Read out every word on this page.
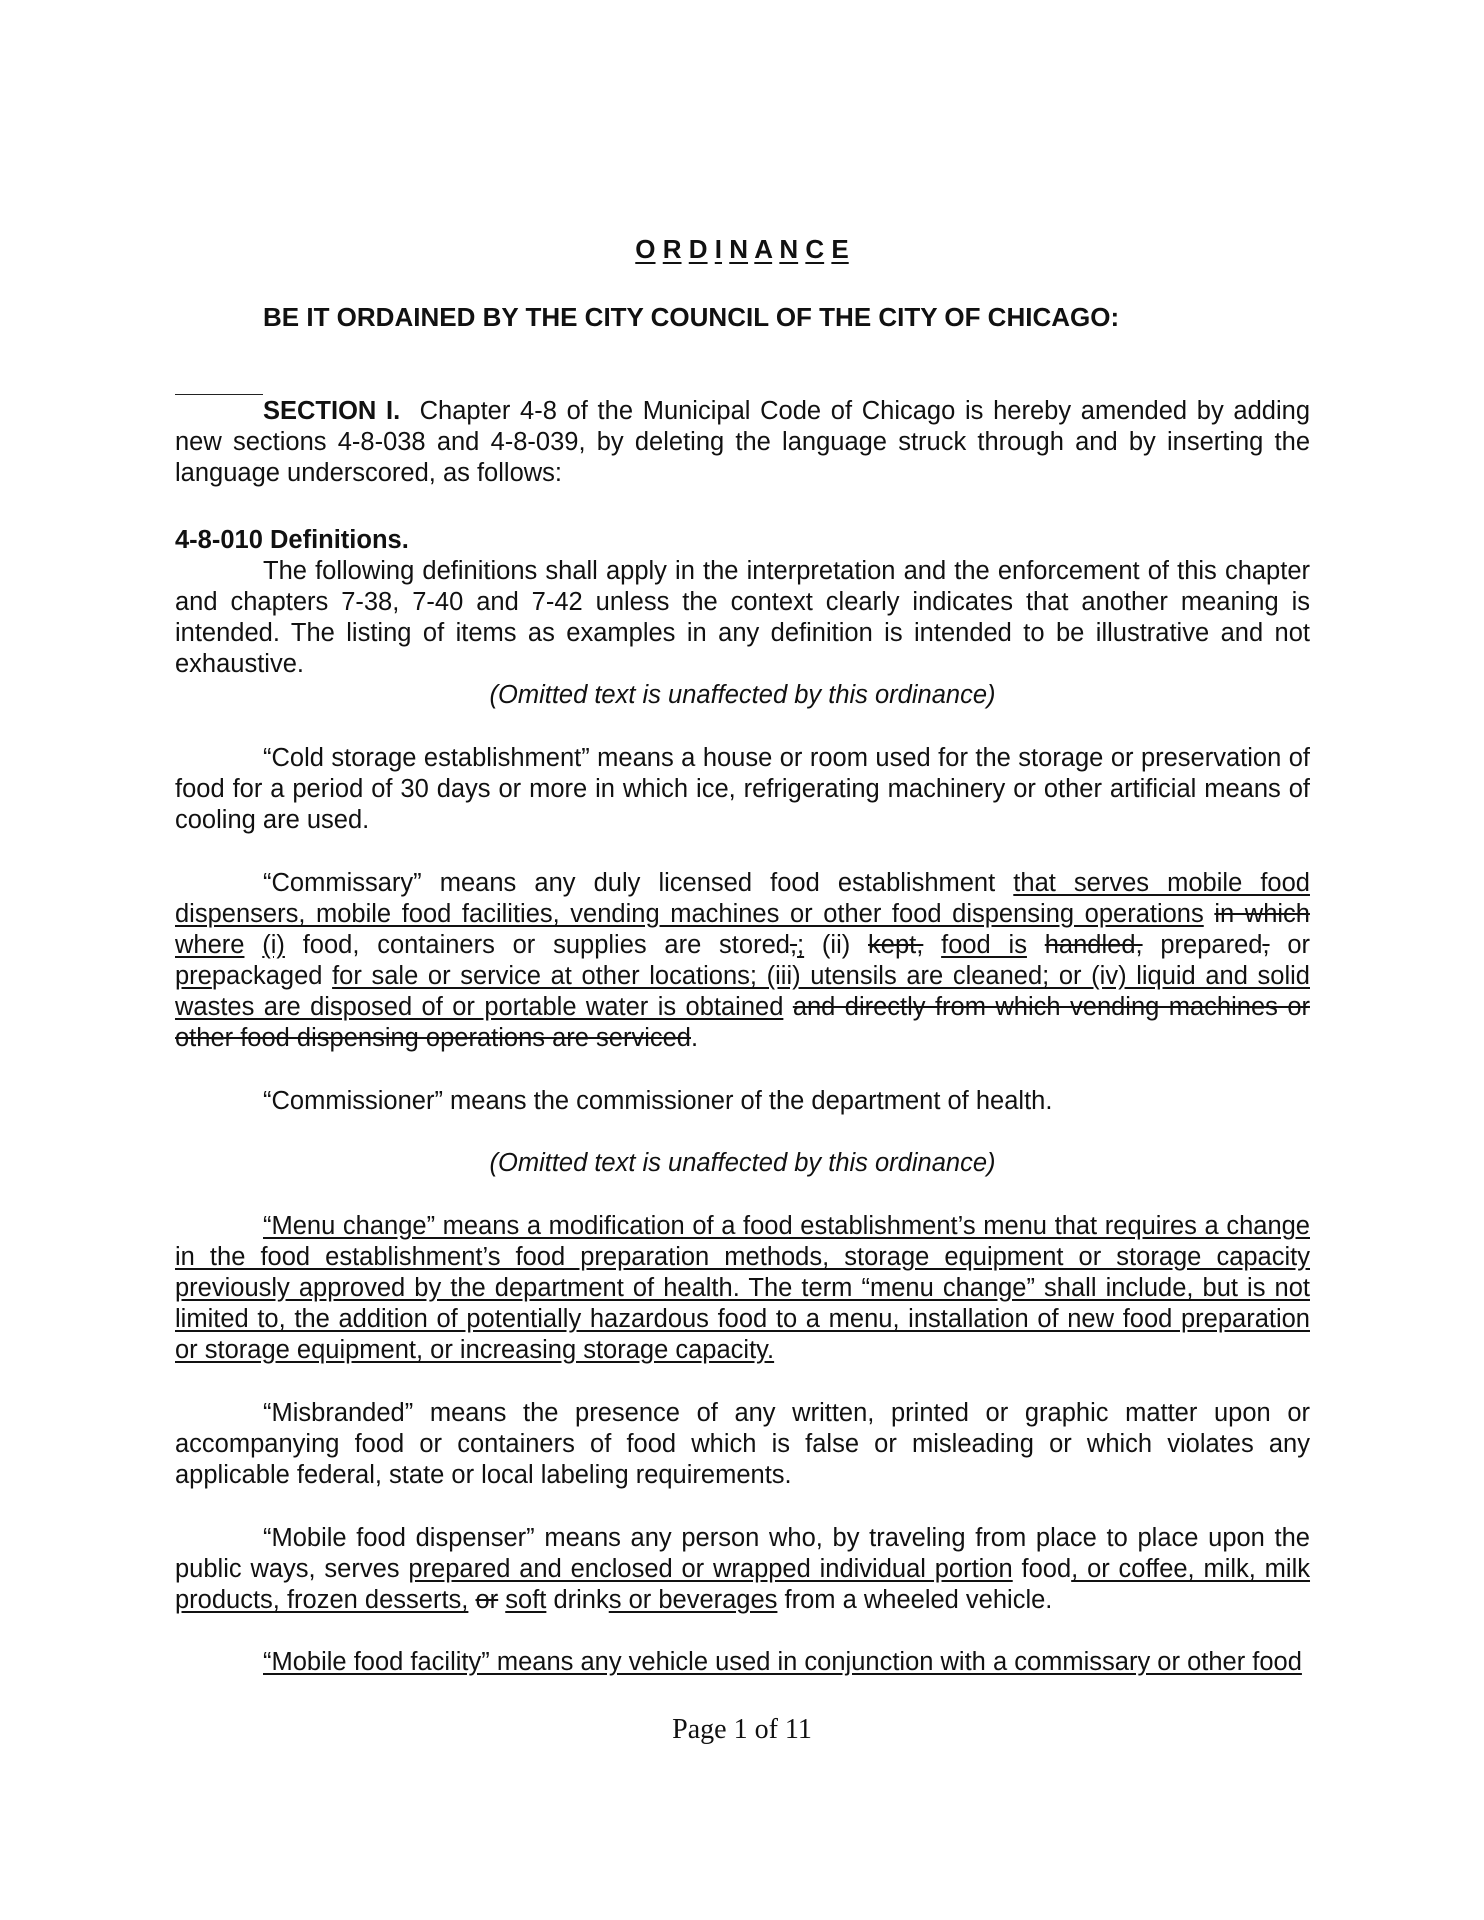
O R D I N A N C E
BE IT ORDAINED BY THE CITY COUNCIL OF THE CITY OF CHICAGO:

SECTION I. Chapter 4-8 of the Municipal Code of Chicago is hereby amended by adding new sections 4-8-038 and 4-8-039, by deleting the language struck through and by inserting the language underscored, as follows:

4-8-010 Definitions.

The following definitions shall apply in the interpretation and the enforcement of this chapter and chapters 7-38, 7-40 and 7-42 unless the context clearly indicates that another meaning is intended. The listing of items as examples in any definition is intended to be illustrative and not exhaustive.

(Omitted text is unaffected by this ordinance)

“Cold storage establishment” means a house or room used for the storage or preservation of food for a period of 30 days or more in which ice, refrigerating machinery or other artificial means of cooling are used.

“Commissary” means any duly licensed food establishment that serves mobile food dispensers, mobile food facilities, vending machines or other food dispensing operations in which where (i) food, containers or supplies are stored,; (ii) kept, food is handled, prepared, or prepackaged for sale or service at other locations; (iii) utensils are cleaned; or (iv) liquid and solid wastes are disposed of or portable water is obtained and directly from which vending machines or other food dispensing operations are serviced.

“Commissioner” means the commissioner of the department of health.

(Omitted text is unaffected by this ordinance)

“Menu change” means a modification of a food establishment’s menu that requires a change in the food establishment’s food preparation methods, storage equipment or storage capacity previously approved by the department of health. The term “menu change” shall include, but is not limited to, the addition of potentially hazardous food to a menu, installation of new food preparation or storage equipment, or increasing storage capacity.

“Misbranded” means the presence of any written, printed or graphic matter upon or accompanying food or containers of food which is false or misleading or which violates any applicable federal, state or local labeling requirements.

“Mobile food dispenser” means any person who, by traveling from place to place upon the public ways, serves prepared and enclosed or wrapped individual portion food, or coffee, milk, milk products, frozen desserts, or soft drinks or beverages from a wheeled vehicle.

“Mobile food facility” means any vehicle used in conjunction with a commissary or other food

Page 1 of 11
